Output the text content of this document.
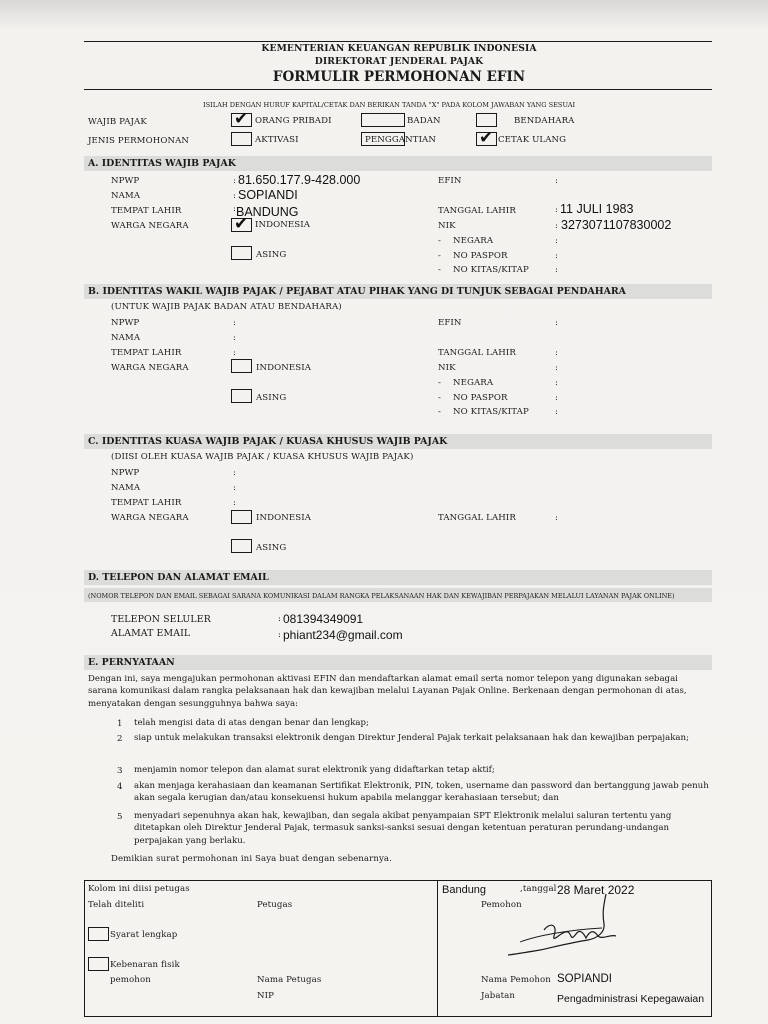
KEMENTERIAN KEUANGAN REPUBLIK INDONESIA
DIREKTORAT JENDERAL PAJAK
FORMULIR PERMOHONAN EFIN
ISILAH DENGAN HURUF KAPITAL/CETAK DAN BERIKAN TANDA "X" PADA KOLOM JAWABAN YANG SESUAI
WAJIB PAJAK	✔ ORANG PRIBADI	BADAN	BENDAHARA
JENIS PERMOHONAN	AKTIVASI	PENGGANTIAN	✔ CETAK ULANG
A. IDENTITAS WAJIB PAJAK
NPWP	: 81.650.177.9-428.000
NAMA	: SOPIANDI
TEMPAT LAHIR	: BANDUNG
WARGA NEGARA	✔ INDONESIA
ASING
EFIN	:
TANGGAL LAHIR	: 11 JULI 1983
NIK	: 3273071107830002
- NEGARA	:
- NO PASPOR	:
- NO KITAS/KITAP	:
B. IDENTITAS WAKIL WAJIB PAJAK / PEJABAT ATAU PIHAK YANG DI TUNJUK SEBAGAI PENDAHARA
(UNTUK WAJIB PAJAK BADAN ATAU BENDAHARA)
NPWP	:
NAMA	:
TEMPAT LAHIR	:
WARGA NEGARA	INDONESIA
ASING
EFIN	:
TANGGAL LAHIR	:
NIK	:
- NEGARA	:
- NO PASPOR	:
- NO KITAS/KITAP	:
C. IDENTITAS KUASA WAJIB PAJAK / KUASA KHUSUS WAJIB PAJAK
(DIISI OLEH KUASA WAJIB PAJAK / KUASA KHUSUS WAJIB PAJAK)
NPWP	:
NAMA	:
TEMPAT LAHIR	:
WARGA NEGARA	INDONESIA
ASING
TANGGAL LAHIR	:
D. TELEPON DAN ALAMAT EMAIL
(NOMOR TELEPON DAN EMAIL SEBAGAI SARANA KOMUNIKASI DALAM RANGKA PELAKSANAAN HAK DAN KEWAJIBAN PERPAJAKAN MELALUI LAYANAN PAJAK ONLINE)
TELEPON SELULER	: 081394349091
ALAMAT EMAIL	: phiant234@gmail.com
E. PERNYATAAN
Dengan ini, saya mengajukan permohonan aktivasi EFIN dan mendaftarkan alamat email serta nomor telepon yang digunakan sebagai sarana komunikasi dalam rangka pelaksanaan hak dan kewajiban melalui Layanan Pajak Online. Berkenaan dengan permohonan di atas, menyatakan dengan sesungguhnya bahwa saya:
1 telah mengisi data di atas dengan benar dan lengkap;
2 siap untuk melakukan transaksi elektronik dengan Direktur Jenderal Pajak terkait pelaksanaan hak dan kewajiban perpajakan;
3 menjamin nomor telepon dan alamat surat elektronik yang didaftarkan tetap aktif;
4 akan menjaga kerahasiaan dan keamanan Sertifikat Elektronik, PIN, token, username dan password dan bertanggung jawab penuh akan segala kerugian dan/atau konsekuensi hukum apabila melanggar kerahasiaan tersebut; dan
5 menyadari sepenuhnya akan hak, kewajiban, dan segala akibat penyampaian SPT Elektronik melalui saluran tertentu yang ditetapkan oleh Direktur Jenderal Pajak, termasuk sanksi-sanksi sesuai dengan ketentuan peraturan perundang-undangan perpajakan yang berlaku.
Demikian surat permohonan ini Saya buat dengan sebenarnya.
Kolom ini diisi petugas
Telah diteliti	Petugas
Syarat lengkap
Kebenaran fisik
pemohon	Nama Petugas
NIP
Bandung	,tanggal 28 Maret 2022
Pemohon
Nama Pemohon SOPIANDI
Jabatan	Pengadministrasi Kepegawaian
